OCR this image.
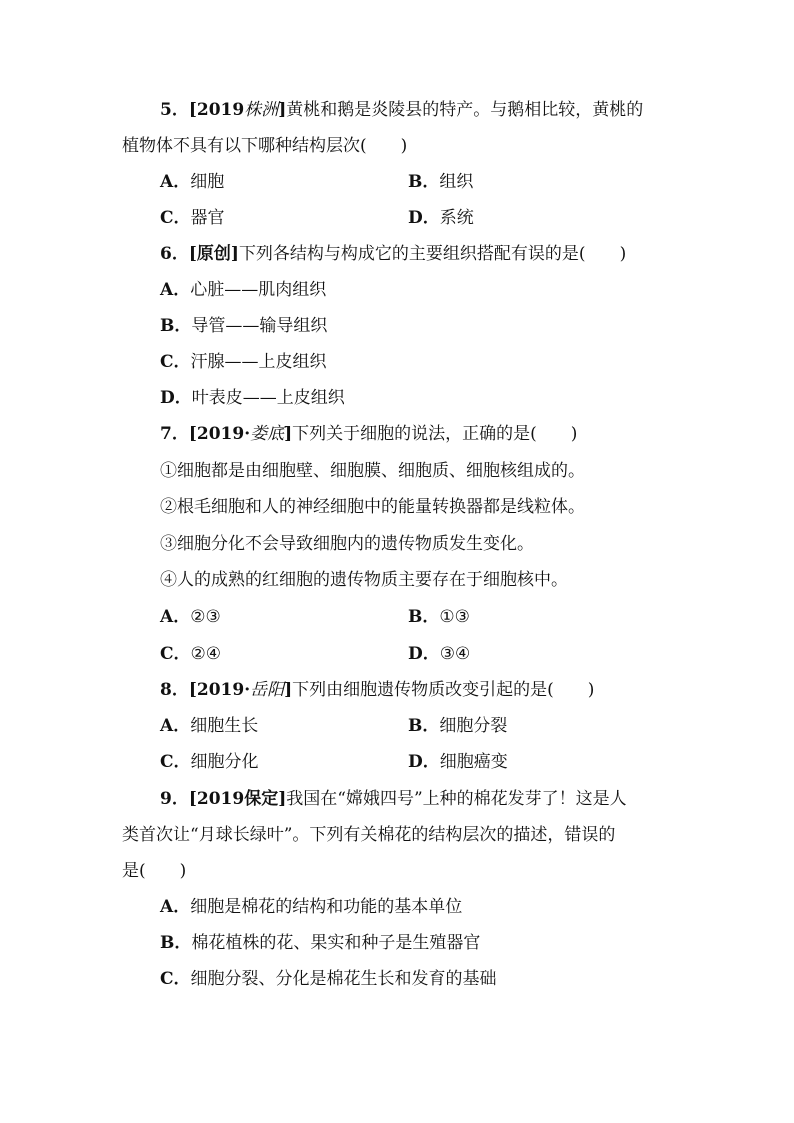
5．[2019株洲]黄桃和鹅是炎陵县的特产。与鹅相比较，黄桃的
植物体不具有以下哪种结构层次(　　)
A．细胞	B．组织
C．器官	D．系统
6．[原创]下列各结构与构成它的主要组织搭配有误的是(　　)
A．心脏——肌肉组织
B．导管——输导组织
C．汗腺——上皮组织
D．叶表皮——上皮组织
7．[2019·娄底]下列关于细胞的说法，正确的是(　　)
①细胞都是由细胞壁、细胞膜、细胞质、细胞核组成的。
②根毛细胞和人的神经细胞中的能量转换器都是线粒体。
③细胞分化不会导致细胞内的遗传物质发生变化。
④人的成熟的红细胞的遗传物质主要存在于细胞核中。
A．②③	B．①③
C．②④	D．③④
8．[2019·岳阳]下列由细胞遗传物质改变引起的是(　　)
A．细胞生长	B．细胞分裂
C．细胞分化	D．细胞癌变
9．[2019保定]我国在“嫦娥四号”上种的棉花发芽了！这是人
类首次让“月球长绿叶”。下列有关棉花的结构层次的描述，错误的
是(　　)
A．细胞是棉花的结构和功能的基本单位
B．棉花植株的花、果实和种子是生殖器官
C．细胞分裂、分化是棉花生长和发育的基础
